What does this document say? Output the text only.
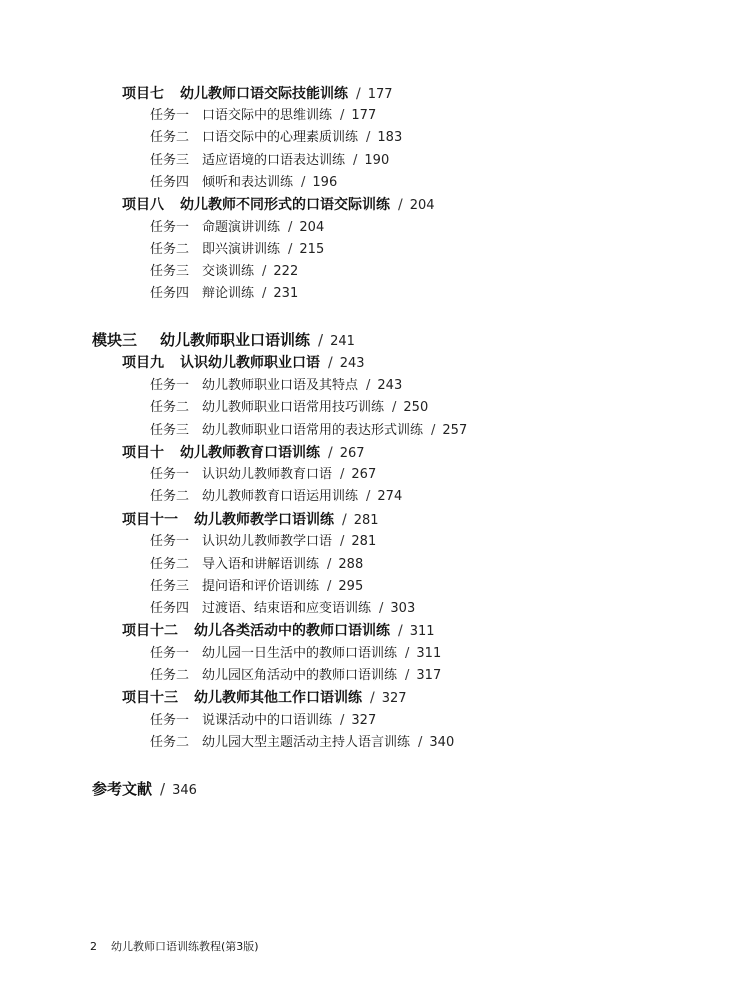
项目七 幼儿教师口语交际技能训练 / 177
任务一 口语交际中的思维训练 / 177
任务二 口语交际中的心理素质训练 / 183
任务三 适应语境的口语表达训练 / 190
任务四 倾听和表达训练 / 196
项目八 幼儿教师不同形式的口语交际训练 / 204
任务一 命题演讲训练 / 204
任务二 即兴演讲训练 / 215
任务三 交谈训练 / 222
任务四 辩论训练 / 231
模块三 幼儿教师职业口语训练 / 241
项目九 认识幼儿教师职业口语 / 243
任务一 幼儿教师职业口语及其特点 / 243
任务二 幼儿教师职业口语常用技巧训练 / 250
任务三 幼儿教师职业口语常用的表达形式训练 / 257
项目十 幼儿教师教育口语训练 / 267
任务一 认识幼儿教师教育口语 / 267
任务二 幼儿教师教育口语运用训练 / 274
项目十一 幼儿教师教学口语训练 / 281
任务一 认识幼儿教师教学口语 / 281
任务二 导入语和讲解语训练 / 288
任务三 提问语和评价语训练 / 295
任务四 过渡语、结束语和应变语训练 / 303
项目十二 幼儿各类活动中的教师口语训练 / 311
任务一 幼儿园一日生活中的教师口语训练 / 311
任务二 幼儿园区角活动中的教师口语训练 / 317
项目十三 幼儿教师其他工作口语训练 / 327
任务一 说课活动中的口语训练 / 327
任务二 幼儿园大型主题活动主持人语言训练 / 340
参考文献 / 346
2 幼儿教师口语训练教程(第3版)
